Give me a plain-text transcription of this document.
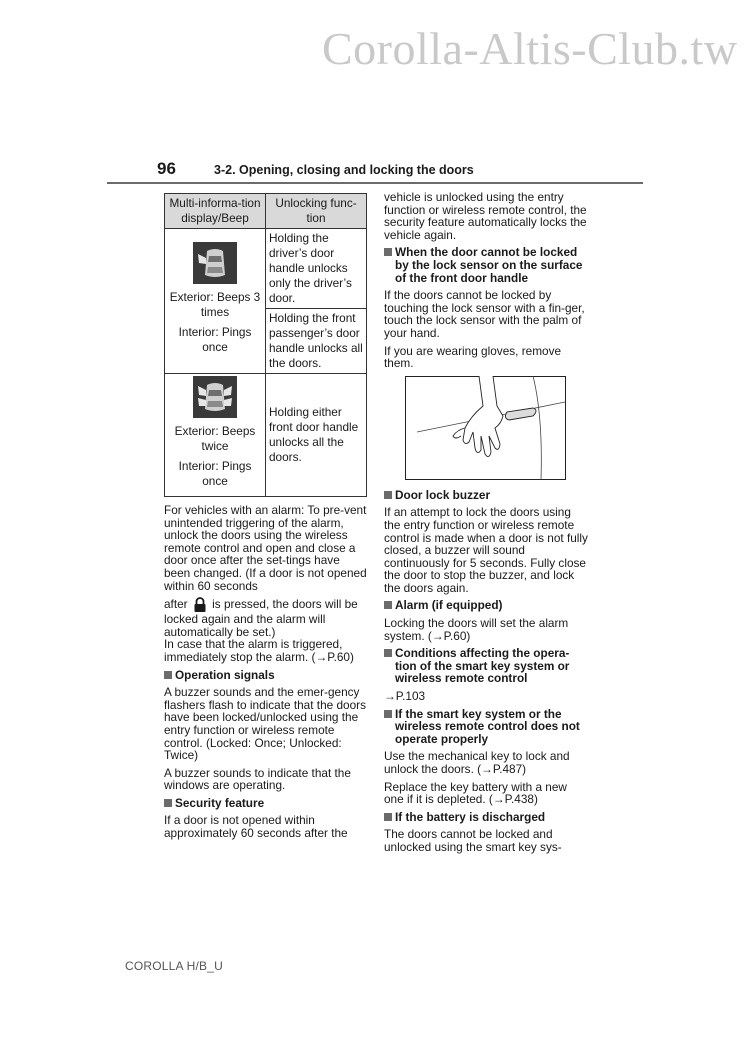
Corolla-Altis-Club.tw
96	3-2. Opening, closing and locking the doors
Multi-informa-tion display/Beep	Unlocking func-tion

Exterior: Beeps 3 times
Interior: Pings once	Holding the driver’s door handle unlocks only the driver’s door.
	Holding the front passenger’s door handle unlocks all the doors.

Exterior: Beeps twice
Interior: Pings once	Holding either front door handle unlocks all the doors.

For vehicles with an alarm: To pre-vent unintended triggering of the alarm, unlock the doors using the wireless remote control and open and close a door once after the set-tings have been changed. (If a door is not opened within 60 seconds

after is pressed, the doors will be locked again and the alarm will automatically be set.)

In case that the alarm is triggered, immediately stop the alarm. (→P.60)

Operation signals

A buzzer sounds and the emer-gency flashers flash to indicate that the doors have been locked/unlocked using the entry function or wireless remote control. (Locked: Once; Unlocked: Twice)

A buzzer sounds to indicate that the windows are operating.

Security feature

If a door is not opened within approximately 60 seconds after the

vehicle is unlocked using the entry function or wireless remote control, the security feature automatically locks the vehicle again.

When the door cannot be locked by the lock sensor on the surface of the front door handle

If the doors cannot be locked by touching the lock sensor with a fin-ger, touch the lock sensor with the palm of your hand.

If you are wearing gloves, remove them.

Door lock buzzer

If an attempt to lock the doors using the entry function or wireless remote control is made when a door is not fully closed, a buzzer will sound continuously for 5 seconds. Fully close the door to stop the buzzer, and lock the doors again.

Alarm (if equipped)

Locking the doors will set the alarm system. (→P.60)

Conditions affecting the opera-tion of the smart key system or wireless remote control

→P.103

If the smart key system or the wireless remote control does not operate properly

Use the mechanical key to lock and unlock the doors. (→P.487)

Replace the key battery with a new one if it is depleted. (→P.438)

If the battery is discharged

The doors cannot be locked and unlocked using the smart key sys-

COROLLA H/B_U
